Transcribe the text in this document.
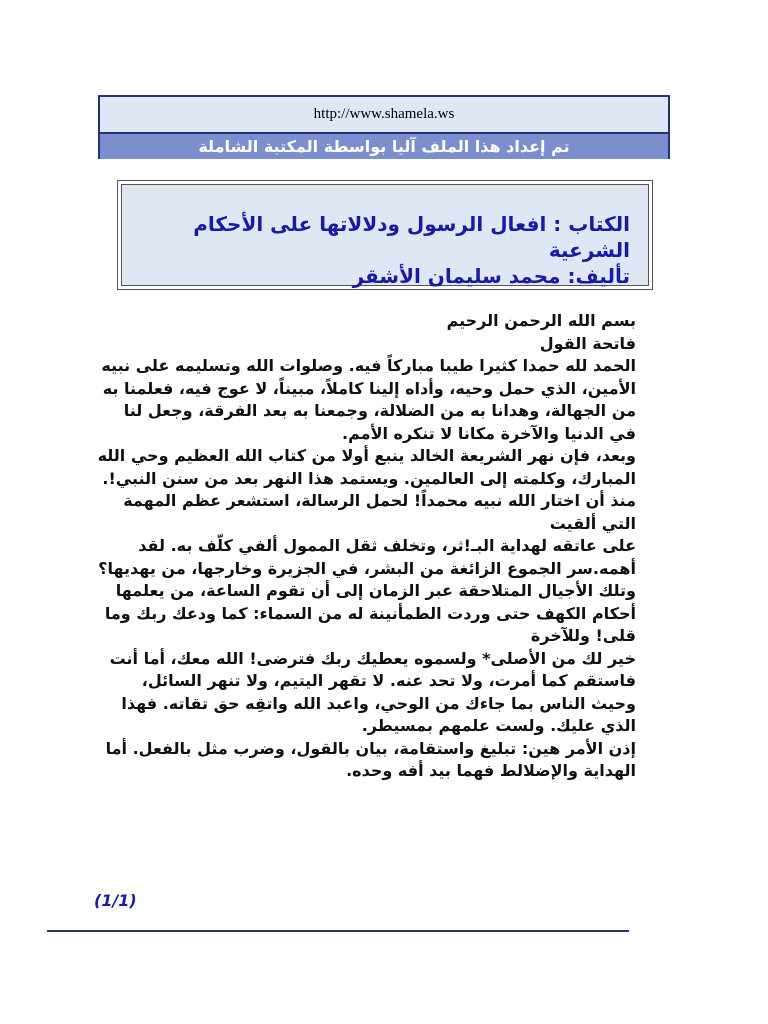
http://www.shamela.ws
تم إعداد هذا الملف آليا بواسطة المكتبة الشاملة
الكتاب : افعال الرسول ودلالاتها على الأحكام الشرعية
تأليف: محمد سليمان الأشقر

بسم الله الرحمن الرحيم

فاتحة القول

الحمد لله حمدا كثيرا طيبا مباركاً فيه. وصلوات الله وتسليمه على نبيه الأمين، الذي حمل وحيه، وأداه إلينا كاملاً، مبيناً، لا عوج فيه، فعلمنا به من الجهالة، وهدانا به من الضلالة، وجمعنا به بعد الفرقة، وجعل لنا في الدنيا والآخرة مكانا لا تنكره الأمم.

وبعد، فإن نهر الشريعة الخالد ينبع أولا من كتاب الله العظيم وحي الله المبارك، وكلمته إلى العالمين. ويستمد هذا النهر بعد من سنن النبي!.

منذ أن اختار الله نبيه محمداً! لحمل الرسالة، استشعر عظم المهمة التي ألقيت

على عاتقه لهداية البـ!ثر، وتخلف ثقل الممول ألفي كلّف به. لقد أهمه.سر الجموع الزائغة من البشر، في الجزيرة وخارجها، من يهديها؟ وتلك الأجيال المتلاحقة عبر الزمان إلى أن تقوم الساعة، من يعلمها أحكام الكهف حتى وردت الطمأنينة له من السماء: كما ودعك ربك وما قلى! وللآخرة

خير لك من الأصلى* ولسموه يعطيك ربك فترضى! الله معك، أما أنت فاستقم كما أمرت، ولا تحد عنه. لا تقهر اليتيم، ولا تنهر السائل، وحيث الناس بما جاءك من الوحي، واعبد الله واتقِه حق تقاته. فهذا الذي عليك. ولست علمهم بمسيطر.

إذن الأمر هين: تبليغ واستقامة، بيان بالقول، وضرب مثل بالفعل. أما الهداية والإضلالط فهما بيد أفه وحده.

(1/1)
